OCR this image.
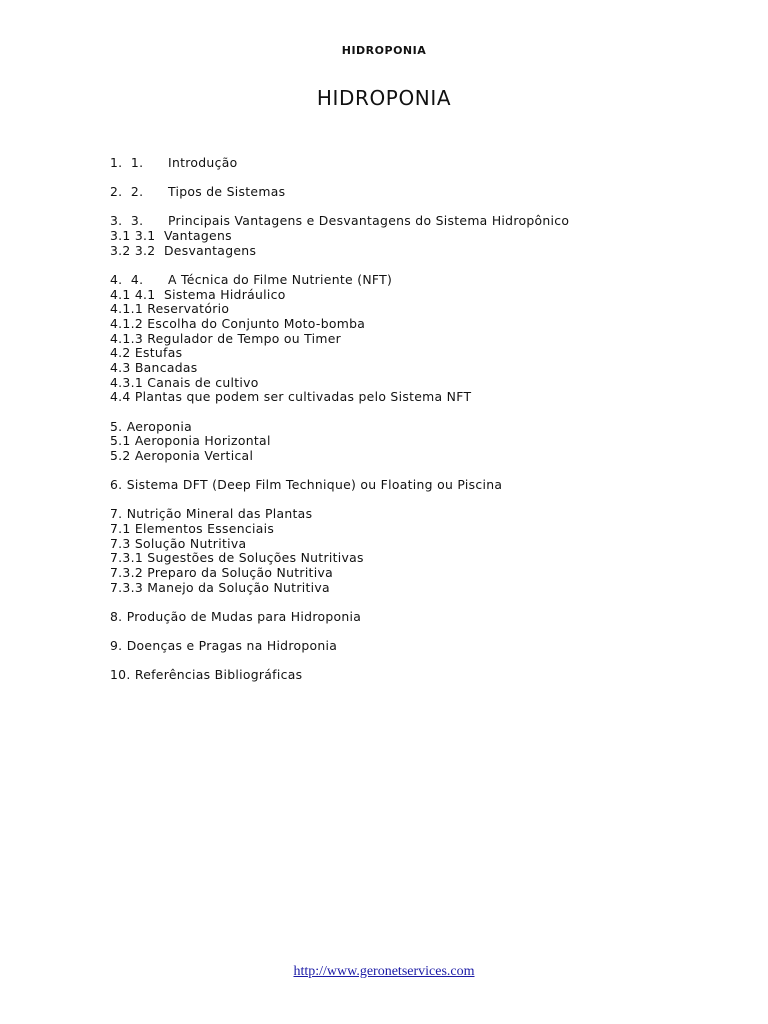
HIDROPONIA
HIDROPONIA
1.  1. Introdução
2.  2. Tipos de Sistemas
3.  3. Principais Vantagens e Desvantagens do Sistema Hidropônico
3.1 3.1  Vantagens
3.2 3.2  Desvantagens
4.  4. A Técnica do Filme Nutriente (NFT)
4.1 4.1  Sistema Hidráulico
4.1.1 Reservatório
4.1.2 Escolha do Conjunto Moto-bomba
4.1.3 Regulador de Tempo ou Timer
4.2 Estufas
4.3 Bancadas
4.3.1 Canais de cultivo
4.4 Plantas que podem ser cultivadas pelo Sistema NFT
5. Aeroponia
5.1 Aeroponia Horizontal
5.2 Aeroponia Vertical
6. Sistema DFT (Deep Film Technique) ou Floating ou Piscina
7. Nutrição Mineral das Plantas
7.1 Elementos Essenciais
7.3 Solução Nutritiva
7.3.1 Sugestões de Soluções Nutritivas
7.3.2 Preparo da Solução Nutritiva
7.3.3 Manejo da Solução Nutritiva
8. Produção de Mudas para Hidroponia
9. Doenças e Pragas na Hidroponia
10. Referências Bibliográficas
http://www.geronetservices.com
